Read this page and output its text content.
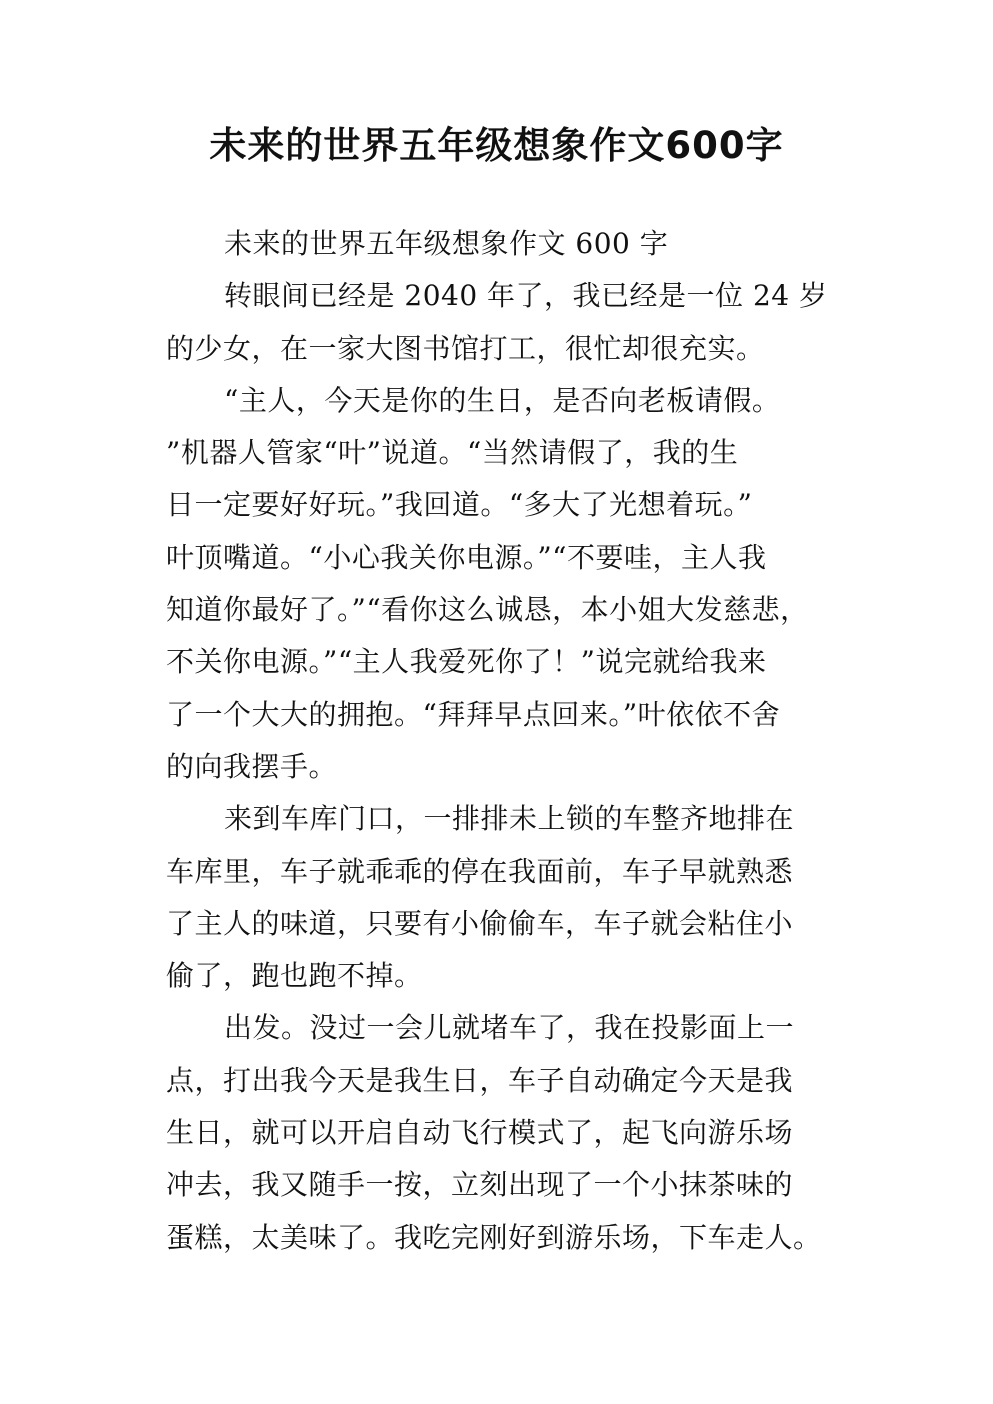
未来的世界五年级想象作文600字
未来的世界五年级想象作文 600 字
转眼间已经是 2040 年了，我已经是一位 24 岁
的少女，在一家大图书馆打工，很忙却很充实。
“主人，今天是你的生日，是否向老板请假。
”机器人管家“叶”说道。“当然请假了，我的生
日一定要好好玩。”我回道。“多大了光想着玩。”
叶顶嘴道。“小心我关你电源。”“不要哇，主人我
知道你最好了。”“看你这么诚恳，本小姐大发慈悲，
不关你电源。”“主人我爱死你了！”说完就给我来
了一个大大的拥抱。“拜拜早点回来。”叶依依不舍
的向我摆手。
来到车库门口，一排排未上锁的车整齐地排在
车库里，车子就乖乖的停在我面前，车子早就熟悉
了主人的味道，只要有小偷偷车，车子就会粘住小
偷了，跑也跑不掉。
出发。没过一会儿就堵车了，我在投影面上一
点，打出我今天是我生日，车子自动确定今天是我
生日，就可以开启自动飞行模式了，起飞向游乐场
冲去，我又随手一按，立刻出现了一个小抹茶味的
蛋糕，太美味了。我吃完刚好到游乐场，下车走人。
